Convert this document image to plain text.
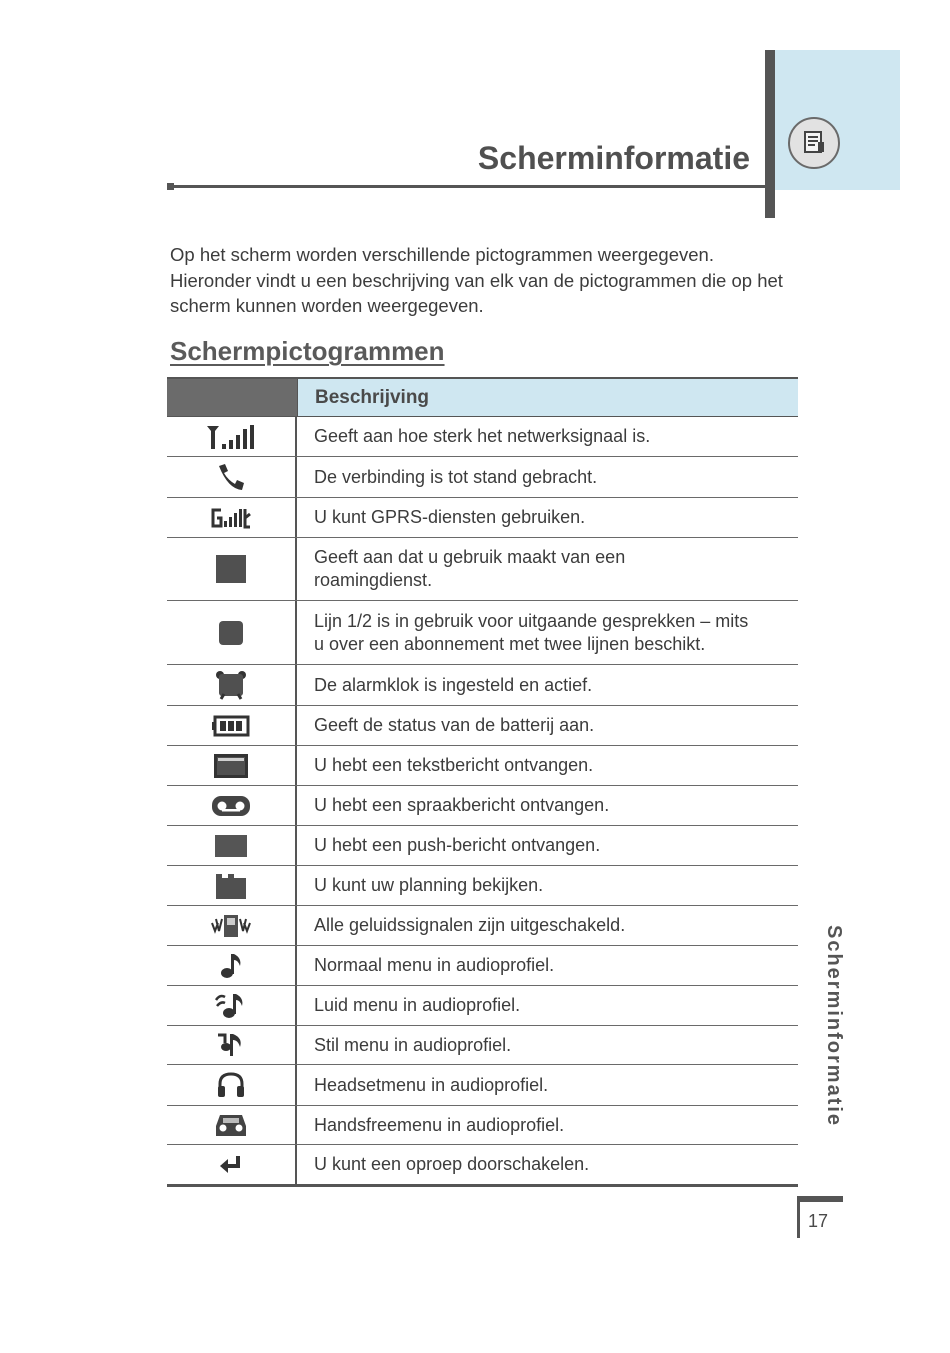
Scherminformatie

Op het scherm worden verschillende pictogrammen weergegeven. Hieronder vindt u een beschrijving van elk van de pictogrammen die op het scherm kunnen worden weergegeven.

Schermpictogrammen
Beschrijving
Geeft aan hoe sterk het netwerksignaal is.
De verbinding is tot stand gebracht.
U kunt GPRS-diensten gebruiken.
Geeft aan dat u gebruik maakt van een
roamingdienst.
Lijn 1/2 is in gebruik voor uitgaande gesprekken – mits
u over een abonnement met twee lijnen beschikt.
De alarmklok is ingesteld en actief.
Geeft de status van de batterij aan.
U hebt een tekstbericht ontvangen.
U hebt een spraakbericht ontvangen.
U hebt een push-bericht ontvangen.
U kunt uw planning bekijken.
Alle geluidssignalen zijn uitgeschakeld.
Normaal menu in audioprofiel.
Luid menu in audioprofiel.
Stil menu in audioprofiel.
Headsetmenu in audioprofiel.
Handsfreemenu in audioprofiel.
U kunt een oproep doorschakelen.
Scherminformatie
17
